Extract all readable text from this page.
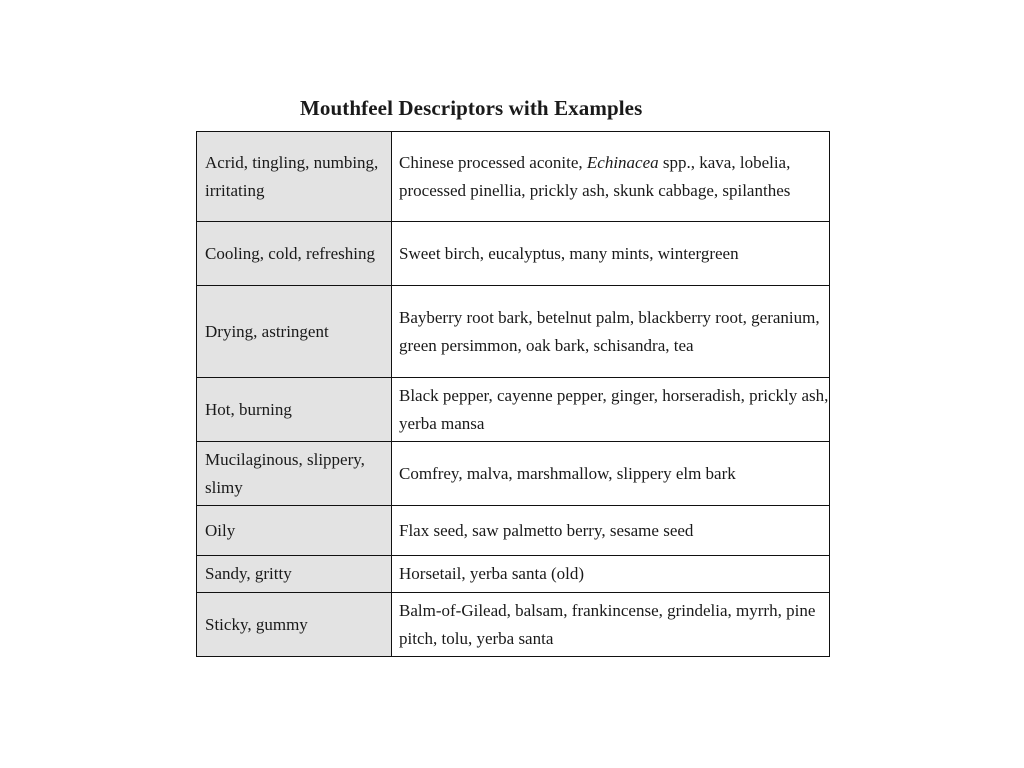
Mouthfeel Descriptors with Examples
Acrid, tingling, numbing, irritating	Chinese processed aconite, Echinacea spp., kava, lobelia, processed pinellia, prickly ash, skunk cabbage, spilanthes
Cooling, cold, refreshing	Sweet birch, eucalyptus, many mints, wintergreen
Drying, astringent	Bayberry root bark, betelnut palm, blackberry root, geranium, green persimmon, oak bark, schisandra, tea
Hot, burning	Black pepper, cayenne pepper, ginger, horseradish, prickly ash, yerba mansa
Mucilaginous, slippery, slimy	Comfrey, malva, marshmallow, slippery elm bark
Oily	Flax seed, saw palmetto berry, sesame seed
Sandy, gritty	Horsetail, yerba santa (old)
Sticky, gummy	Balm-of-Gilead, balsam, frankincense, grindelia, myrrh, pine pitch, tolu, yerba santa
